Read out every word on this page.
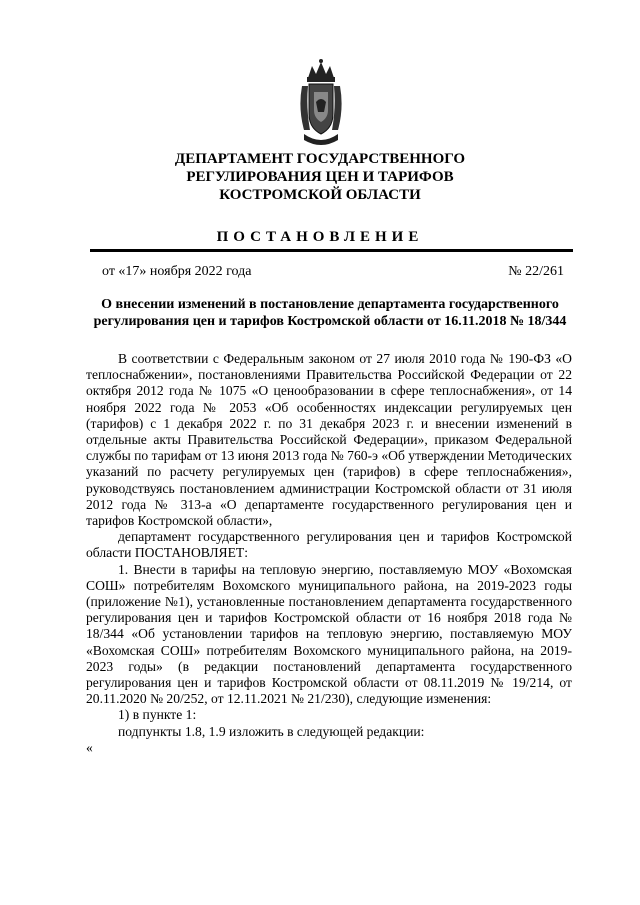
ДЕПАРТАМЕНТ ГОСУДАРСТВЕННОГО
РЕГУЛИРОВАНИЯ ЦЕН И ТАРИФОВ
КОСТРОМСКОЙ ОБЛАСТИ
ПОСТАНОВЛЕНИЕ
от «17» ноября 2022 года	№ 22/261
О внесении изменений в постановление департамента государственного
регулирования цен и тарифов Костромской области от 16.11.2018 № 18/344

В соответствии с Федеральным законом от 27 июля 2010 года № 190-ФЗ «О теплоснабжении», постановлениями Правительства Российской Федерации от 22 октября 2012 года № 1075 «О ценообразовании в сфере теплоснабжения», от 14 ноября 2022 года № 2053 «Об особенностях индексации регулируемых цен (тарифов) с 1 декабря 2022 г. по 31 декабря 2023 г. и внесении изменений в отдельные акты Правительства Российской Федерации», приказом Федеральной службы по тарифам от 13 июня 2013 года № 760-э «Об утверждении Методических указаний по расчету регулируемых цен (тарифов) в сфере теплоснабжения», руководствуясь постановлением администрации Костромской области от 31 июля 2012 года № 313-а «О департаменте государственного регулирования цен и тарифов Костромской области»,

департамент государственного регулирования цен и тарифов Костромской области ПОСТАНОВЛЯЕТ:

1. Внести в тарифы на тепловую энергию, поставляемую МОУ «Вохомская СОШ» потребителям Вохомского муниципального района, на 2019-2023 годы (приложение №1), установленные постановлением департамента государственного регулирования цен и тарифов Костромской области от 16 ноября 2018 года № 18/344 «Об установлении тарифов на тепловую энергию, поставляемую МОУ «Вохомская СОШ» потребителям Вохомского муниципального района, на 2019-2023 годы» (в редакции постановлений департамента государственного регулирования цен и тарифов Костромской области от 08.11.2019 № 19/214, от 20.11.2020 № 20/252, от 12.11.2021 № 21/230), следующие изменения:

1) в пункте 1:

подпункты 1.8, 1.9 изложить в следующей редакции:

«
